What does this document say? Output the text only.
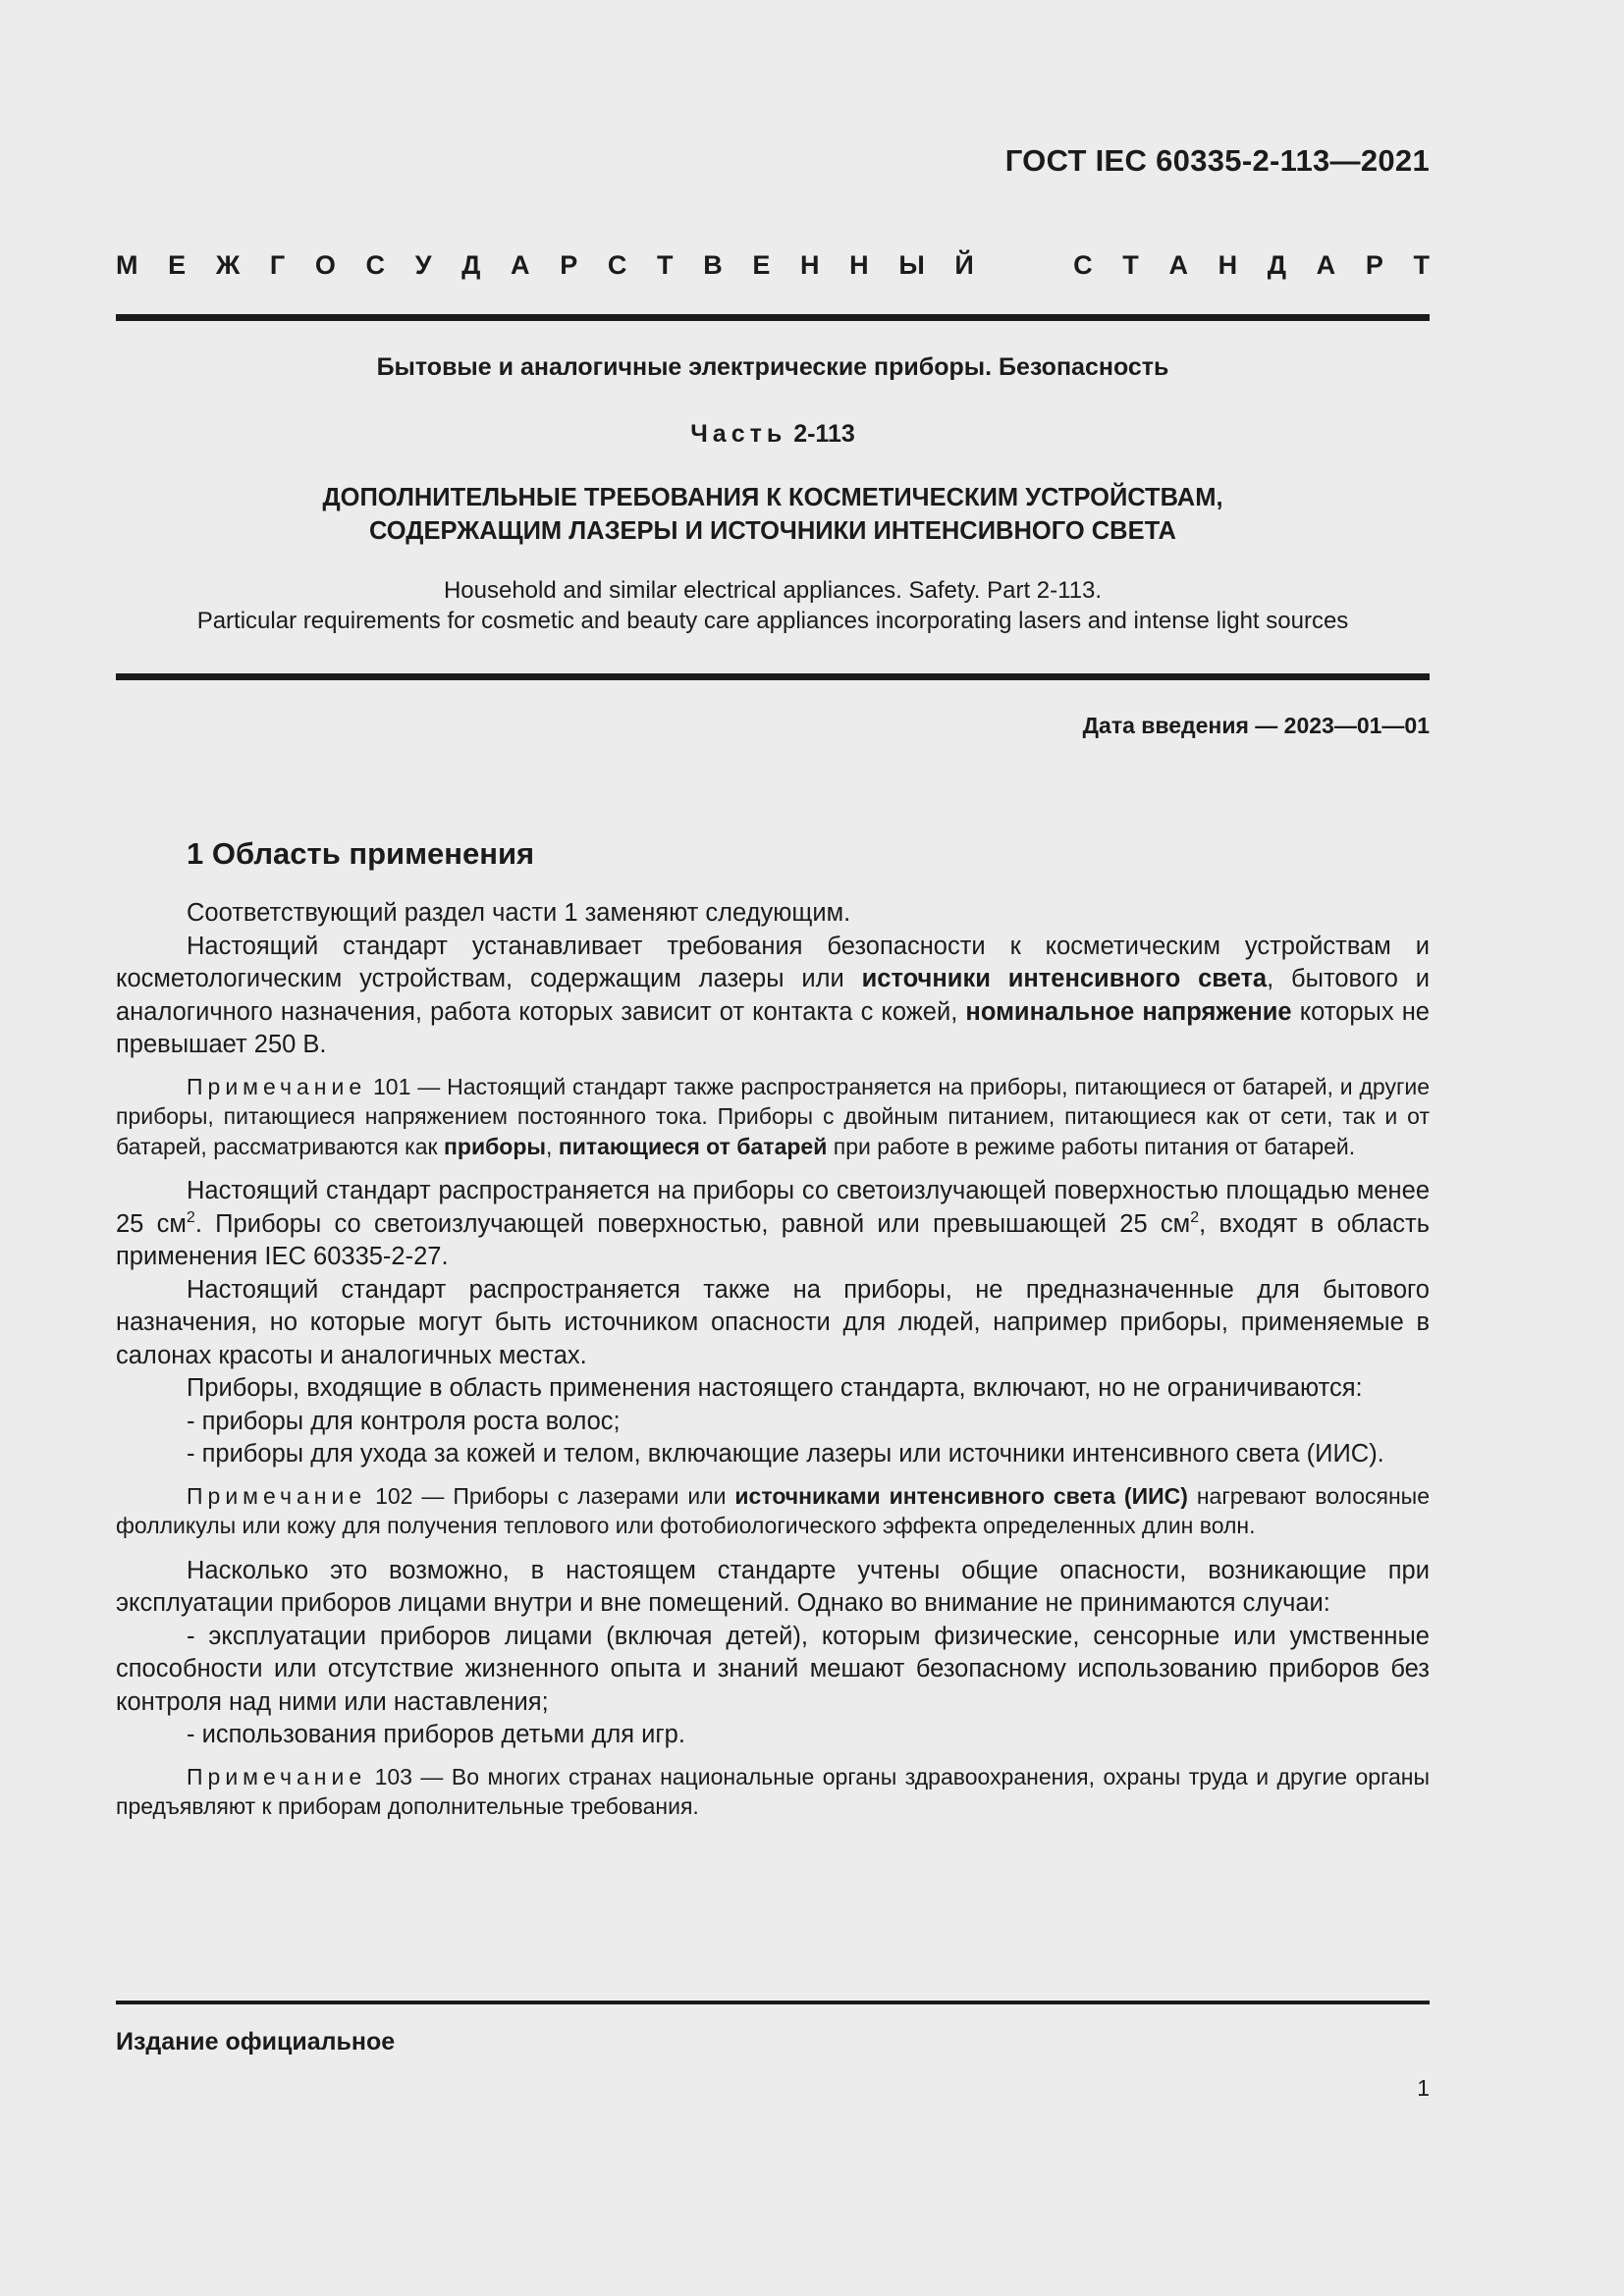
ГОСТ IEC 60335-2-113—2021
М Е Ж Г О С У Д А Р С Т В Е Н Н Ы Й	С Т А Н Д А Р Т
Бытовые и аналогичные электрические приборы. Безопасность
Часть 2-113
ДОПОЛНИТЕЛЬНЫЕ ТРЕБОВАНИЯ К КОСМЕТИЧЕСКИМ УСТРОЙСТВАМ,
СОДЕРЖАЩИМ ЛАЗЕРЫ И ИСТОЧНИКИ ИНТЕНСИВНОГО СВЕТА
Household and similar electrical appliances. Safety. Part 2-113.
Particular requirements for cosmetic and beauty care appliances incorporating lasers and intense light sources
Дата введения — 2023—01—01
1 Область применения

Соответствующий раздел части 1 заменяют следующим.

Настоящий стандарт устанавливает требования безопасности к косметическим устройствам и косметологическим устройствам, содержащим лазеры или источники интенсивного света, бытового и аналогичного назначения, работа которых зависит от контакта с кожей, номинальное напряжение которых не превышает 250 В.

Примечание 101 — Настоящий стандарт также распространяется на приборы, питающиеся от батарей, и другие приборы, питающиеся напряжением постоянного тока. Приборы с двойным питанием, питающиеся как от сети, так и от батарей, рассматриваются как приборы, питающиеся от батарей при работе в режиме работы питания от батарей.

Настоящий стандарт распространяется на приборы со светоизлучающей поверхностью площадью менее 25 $см^2$. Приборы со светоизлучающей поверхностью, равной или превышающей 25 $см^2$, входят в область применения IEC 60335-2-27.

Настоящий стандарт распространяется также на приборы, не предназначенные для бытового назначения, но которые могут быть источником опасности для людей, например приборы, применяемые в салонах красоты и аналогичных местах.

Приборы, входящие в область применения настоящего стандарта, включают, но не ограничиваются:

- приборы для контроля роста волос;

- приборы для ухода за кожей и телом, включающие лазеры или источники интенсивного света (ИИС).

Примечание 102 — Приборы с лазерами или источниками интенсивного света (ИИС) нагревают волосяные фолликулы или кожу для получения теплового или фотобиологического эффекта определенных длин волн.

Насколько это возможно, в настоящем стандарте учтены общие опасности, возникающие при эксплуатации приборов лицами внутри и вне помещений. Однако во внимание не принимаются случаи:

- эксплуатации приборов лицами (включая детей), которым физические, сенсорные или умственные способности или отсутствие жизненного опыта и знаний мешают безопасному использованию приборов без контроля над ними или наставления;

- использования приборов детьми для игр.

Примечание 103 — Во многих странах национальные органы здравоохранения, охраны труда и другие органы предъявляют к приборам дополнительные требования.

Издание официальное
1
